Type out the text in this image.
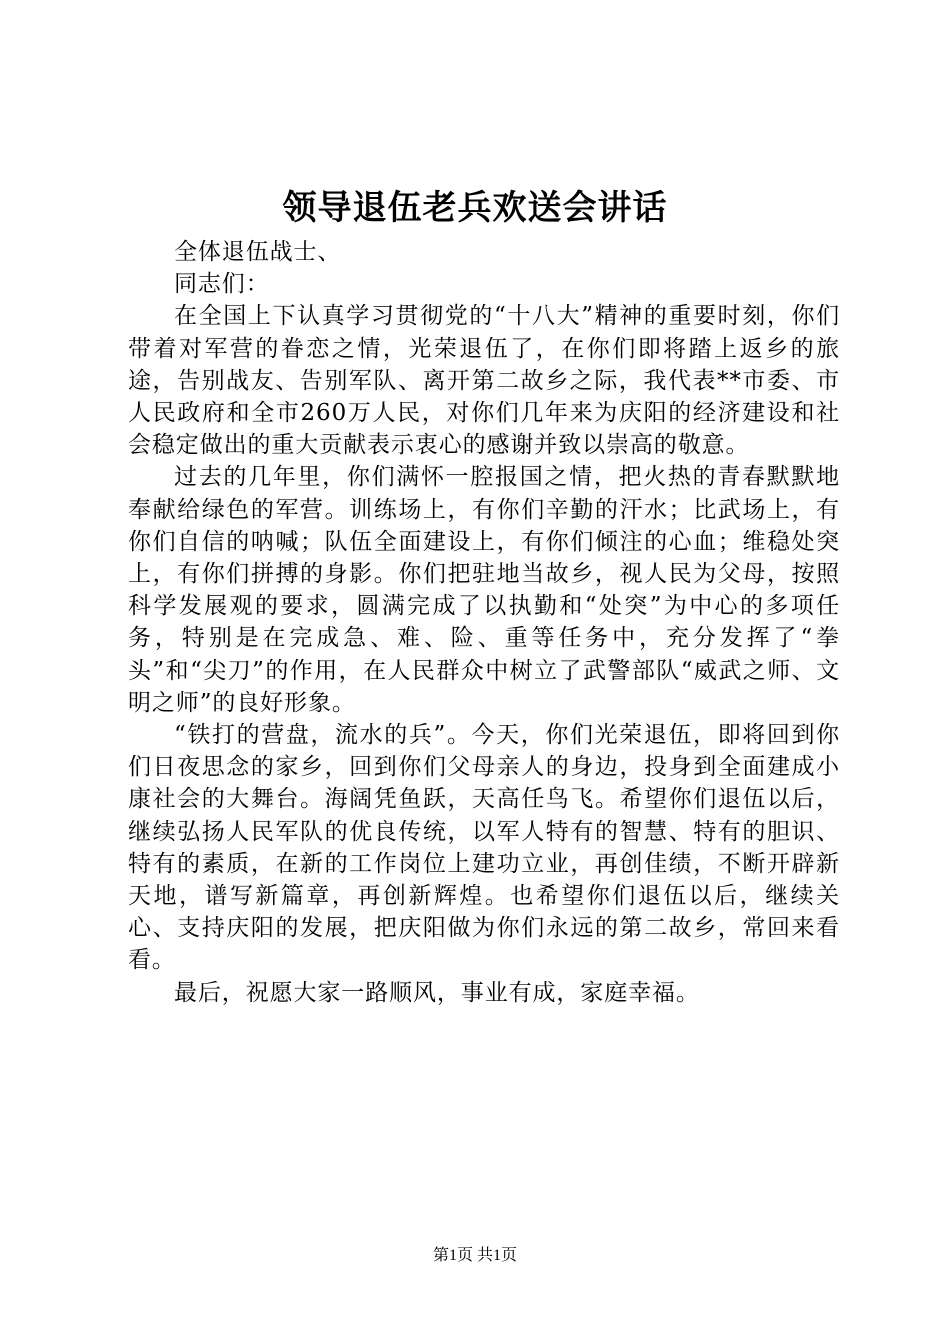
领导退伍老兵欢送会讲话

全体退伍战士、

同志们：

在全国上下认真学习贯彻党的“十八大”精神的重要时刻，你们带着对军营的眷恋之情，光荣退伍了，在你们即将踏上返乡的旅途，告别战友、告别军队、离开第二故乡之际，我代表**市委、市人民政府和全市260万人民，对你们几年来为庆阳的经济建设和社会稳定做出的重大贡献表示衷心的感谢并致以崇高的敬意。

过去的几年里，你们满怀一腔报国之情，把火热的青春默默地奉献给绿色的军营。训练场上，有你们辛勤的汗水；比武场上，有你们自信的呐喊；队伍全面建设上，有你们倾注的心血；维稳处突上，有你们拼搏的身影。你们把驻地当故乡，视人民为父母，按照科学发展观的要求，圆满完成了以执勤和“处突”为中心的多项任务，特别是在完成急、难、险、重等任务中，充分发挥了“拳头”和“尖刀”的作用，在人民群众中树立了武警部队“威武之师、文明之师”的良好形象。

“铁打的营盘，流水的兵”。今天，你们光荣退伍，即将回到你们日夜思念的家乡，回到你们父母亲人的身边，投身到全面建成小康社会的大舞台。海阔凭鱼跃，天高任鸟飞。希望你们退伍以后，继续弘扬人民军队的优良传统，以军人特有的智慧、特有的胆识、特有的素质，在新的工作岗位上建功立业，再创佳绩，不断开辟新天地，谱写新篇章，再创新辉煌。也希望你们退伍以后，继续关心、支持庆阳的发展，把庆阳做为你们永远的第二故乡，常回来看看。

最后，祝愿大家一路顺风，事业有成，家庭幸福。

第1页 共1页
